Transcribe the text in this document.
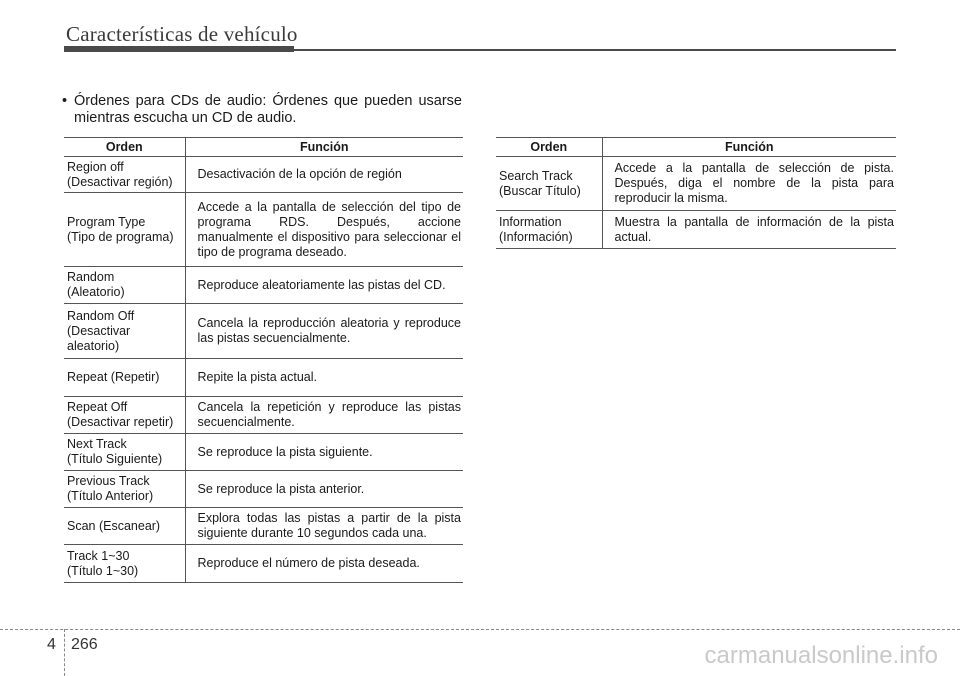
Características de vehículo
• Órdenes para CDs de audio: Órdenes que pueden usarse mientras escucha un CD de audio.
Orden	Función
Region off
(Desactivar región)	Desactivación de la opción de región
Program Type
(Tipo de programa)	Accede a la pantalla de selección del tipo de programa RDS. Después, accione manualmente el dispositivo para seleccionar el tipo de programa deseado.
Random
(Aleatorio)	Reproduce aleatoriamente las pistas del CD.
Random Off
(Desactivar
aleatorio)	Cancela la reproducción aleatoria y reproduce las pistas secuencialmente.
Repeat (Repetir)	Repite la pista actual.
Repeat Off
(Desactivar repetir)	Cancela la repetición y reproduce las pistas secuencialmente.
Next Track
(Título Siguiente)	Se reproduce la pista siguiente.
Previous Track
(Título Anterior)	Se reproduce la pista anterior.
Scan (Escanear)	Explora todas las pistas a partir de la pista siguiente durante 10 segundos cada una.
Track 1~30
(Título 1~30)	Reproduce el número de pista deseada.
Orden	Función
Search Track
(Buscar Título)	Accede a la pantalla de selección de pista. Después, diga el nombre de la pista para reproducir la misma.
Information
(Información)	Muestra la pantalla de información de la pista actual.
4 266	carmanualsonline.info
